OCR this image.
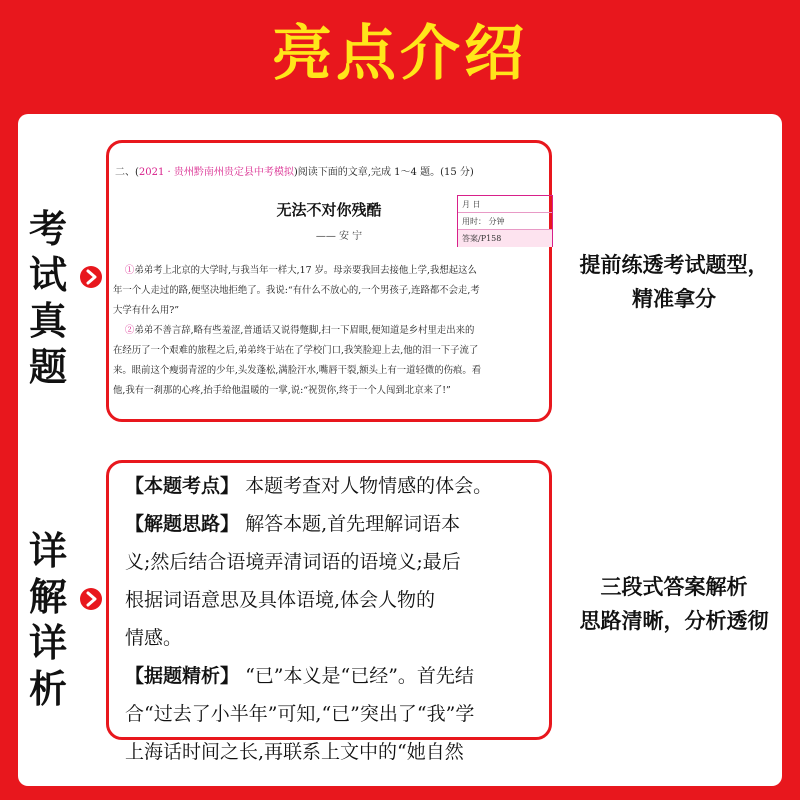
亮点介绍
考
试
真
题
二、(2021 · 贵州黔南州贵定县中考模拟)阅读下面的文章,完成 1～4 题。(15 分)
无法不对你残酷
—— 安 宁
月 日
用时： 分钟
答案/P158
①弟弟考上北京的大学时,与我当年一样大,17 岁。母亲要我回去接他上学,我想起这么
年一个人走过的路,便坚决地拒绝了。我说:“有什么不放心的,一个男孩子,连路都不会走,考
大学有什么用?”
②弟弟不善言辞,略有些羞涩,普通话又说得蹩脚,扫一下眉眼,便知道是乡村里走出来的
在经历了一个艰难的旅程之后,弟弟终于站在了学校门口,我笑脸迎上去,他的泪一下子流了
来。眼前这个瘦弱青涩的少年,头发蓬松,满脸汗水,嘴唇干裂,额头上有一道轻微的伤痕。看
他,我有一刹那的心疼,抬手给他温暖的一掌,说:“祝贺你,终于一个人闯到北京来了!”
提前练透考试题型，
精准拿分
详
解
详
析
【本题考点】 本题考查对人物情感的体会。
【解题思路】 解答本题,首先理解词语本
义;然后结合语境弄清词语的语境义;最后
根据词语意思及具体语境,体会人物的
情感。
【据题精析】 “已”本义是“已经”。首先结
合“过去了小半年”可知,“已”突出了“我”学
上海话时间之长,再联系上文中的“她自然
三段式答案解析
思路清晰，分析透彻
